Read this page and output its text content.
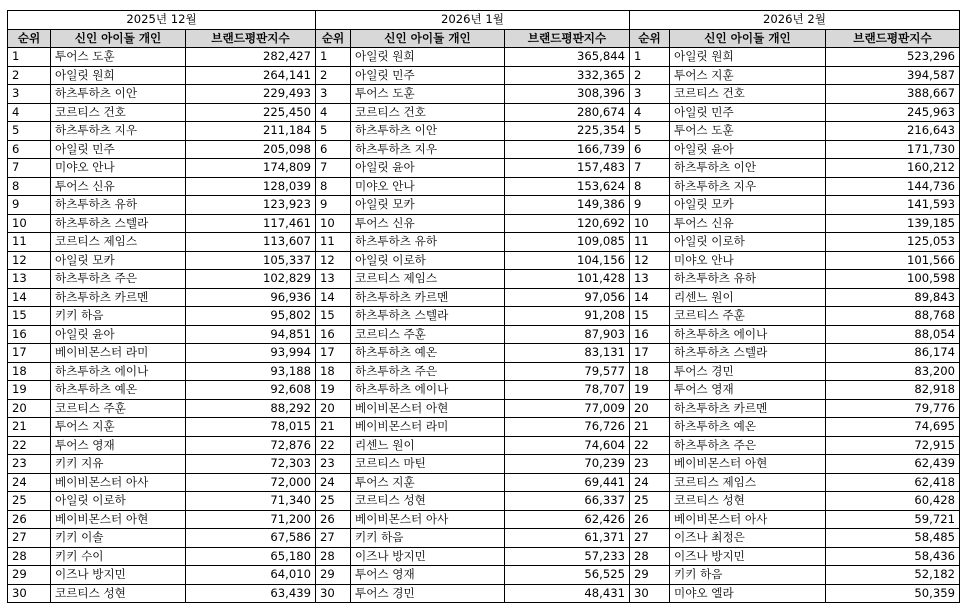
2025년 12월		
순위	신인 아이돌 개인	브랜드평판지수
1	투어스 도훈	282,427
2	아일릿 원희	264,141
3	하츠투하츠 이안	229,493
4	코르티스 건호	225,450
5	하츠투하츠 지우	211,184
6	아일릿 민주	205,098
7	미야오 안나	174,809
8	투어스 신유	128,039
9	하츠투하츠 유하	123,923
10	하츠투하츠 스텔라	117,461
11	코르티스 제임스	113,607
12	아일릿 모카	105,337
13	하츠투하츠 주은	102,829
14	하츠투하츠 카르멘	96,936
15	키키 하음	95,802
16	아일릿 윤아	94,851
17	베이비몬스터 라미	93,994
18	하츠투하츠 에이나	93,188
19	하츠투하츠 예온	92,608
20	코르티스 주훈	88,292
21	투어스 지훈	78,015
22	투어스 영재	72,876
23	키키 지유	72,303
24	베이비몬스터 아사	72,000
25	아일릿 이로하	71,340
26	베이비몬스터 아현	71,200
27	키키 이솔	67,586
28	키키 수이	65,180
29	이즈나 방지민	64,010
30	코르티스 성현	63,439
2026년 1월		
순위	신인 아이돌 개인	브랜드평판지수
1	아일릿 원희	365,844
2	아일릿 민주	332,365
3	투어스 도훈	308,396
4	코르티스 건호	280,674
5	하츠투하츠 이안	225,354
6	하츠투하츠 지우	166,739
7	아일릿 윤아	157,483
8	미야오 안나	153,624
9	아일릿 모카	149,386
10	투어스 신유	120,692
11	하츠투하츠 유하	109,085
12	아일릿 이로하	104,156
13	코르티스 제임스	101,428
14	하츠투하츠 카르멘	97,056
15	하츠투하츠 스텔라	91,208
16	코르티스 주훈	87,903
17	하츠투하츠 예온	83,131
18	하츠투하츠 주은	79,577
19	하츠투하츠 에이나	78,707
20	베이비몬스터 아현	77,009
21	베이비몬스터 라미	76,726
22	리센느 원이	74,604
23	코르티스 마틴	70,239
24	투어스 지훈	69,441
25	코르티스 성현	66,337
26	베이비몬스터 아사	62,426
27	키키 하음	61,371
28	이즈나 방지민	57,233
29	투어스 영재	56,525
30	투어스 경민	48,431
2026년 2월		
순위	신인 아이돌 개인	브랜드평판지수
1	아일릿 원희	523,296
2	투어스 지훈	394,587
3	코르티스 건호	388,667
4	아일릿 민주	245,963
5	투어스 도훈	216,643
6	아일릿 윤아	171,730
7	하츠투하츠 이안	160,212
8	하츠투하츠 지우	144,736
9	아일릿 모카	141,593
10	투어스 신유	139,185
11	아일릿 이로하	125,053
12	미야오 안나	101,566
13	하츠투하츠 유하	100,598
14	리센느 원이	89,843
15	코르티스 주훈	88,768
16	하츠투하츠 에이나	88,054
17	하츠투하츠 스텔라	86,174
18	투어스 경민	83,200
19	투어스 영재	82,918
20	하츠투하츠 카르멘	79,776
21	하츠투하츠 예온	74,695
22	하츠투하츠 주은	72,915
23	베이비몬스터 아현	62,439
24	코르티스 제임스	62,418
25	코르티스 성현	60,428
26	베이비몬스터 아사	59,721
27	이즈나 최정은	58,485
28	이즈나 방지민	58,436
29	키키 하음	52,182
30	미야오 엘라	50,359
